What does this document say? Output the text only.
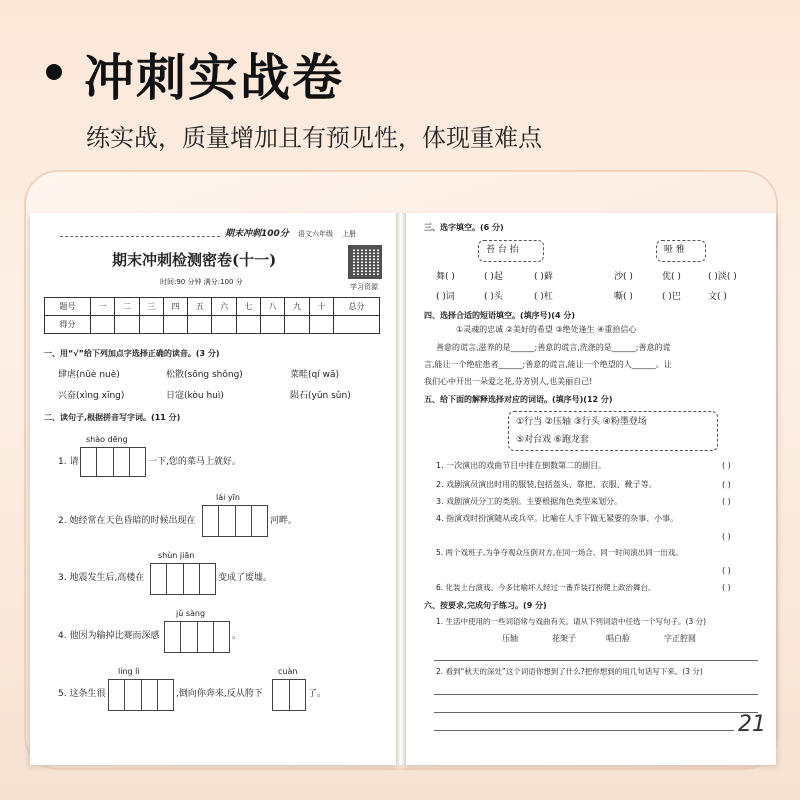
冲刺实战卷
练实战，质量增加且有预见性，体现重难点
期末冲刺100分 语文六年级 上册
期末冲刺检测密卷(十一)
时间:90 分钟 满分:100 分
学习资源
题号	一	二	三	四	五	六	七	八	九	十	总分
得分											
一、用“√”给下列加点字选择正确的读音。(3 分)
肆虐(nüè nuè)	松散(sōng shǒng)	菜畦(qí wā)
兴奋(xìng xīng)	日寇(kòu huì)	陨石(yǔn sǔn)
二、读句子,根据拼音写字词。(11 分)
shào dēng
1. 请	一下,您的菜马上就好。
lái yīn
2. 她经常在天色昏暗的时候出现在	河畔。
shùn jiān
3. 地震发生后,高楼在	变成了废墟。
jǔ sàng
4. 他因为输掉比赛而深感	。
líng lì	cuàn
5. 这条生很	,倒向你奔来,反从胯下	了。
三、选字填空。(6 分)
苔 台 抬	哑 雅
舞( )	( )起	( )藓	沙( )	优( )	( )淡( )
( )词	( )头	( )杠	嘶( )	( )巴	文( )
四、选择合适的短语填空。(填序号)(4 分)
①灵魂的忠诚 ②美好的希望 ③绝处逢生 ④重拾信心
善意的谎言,滋养的是______;善意的谎言,洗涤的是______;善意的谎
言,能让一个绝症患者______;善意的谎言,能让一个绝望的人______。让
我们心中开出一朵爱之花,芬芳别人,也美丽自己!
五、给下面的解释选择对应的词语。(填序号)(12 分)
①行当 ②压轴 ③行头 ④粉墨登场
⑤对台戏 ⑥跑龙套
1. 一次演出的戏曲节目中排在倒数第二的剧目。	( )
2. 戏剧演员演出时用的服装,包括盔头、靠把、衣服、靴子等。	( )
3. 戏剧演员分工的类别。主要根据角色类型来划分。	( )
4. 指演戏时扮演随从或兵卒。比喻在人手下做无紧要的杂事、小事。
( )
5. 两个戏班子,为争夺观众压倒对方,在同一场合、同一时间演出同一出戏。
( )
6. 化装上台演戏。今多比喻坏人经过一番乔装打扮爬上政治舞台。	( )
六、按要求,完成句子练习。(9 分)
1. 生活中使用的一些词语常与戏曲有关。请从下列词语中任选一个写句子。(3 分)
压轴	花架子	唱白脸	字正腔圆
2. 看到“秋天的深处”这个词语你想到了什么?把你想到的用几句话写下来。(3 分)
21
